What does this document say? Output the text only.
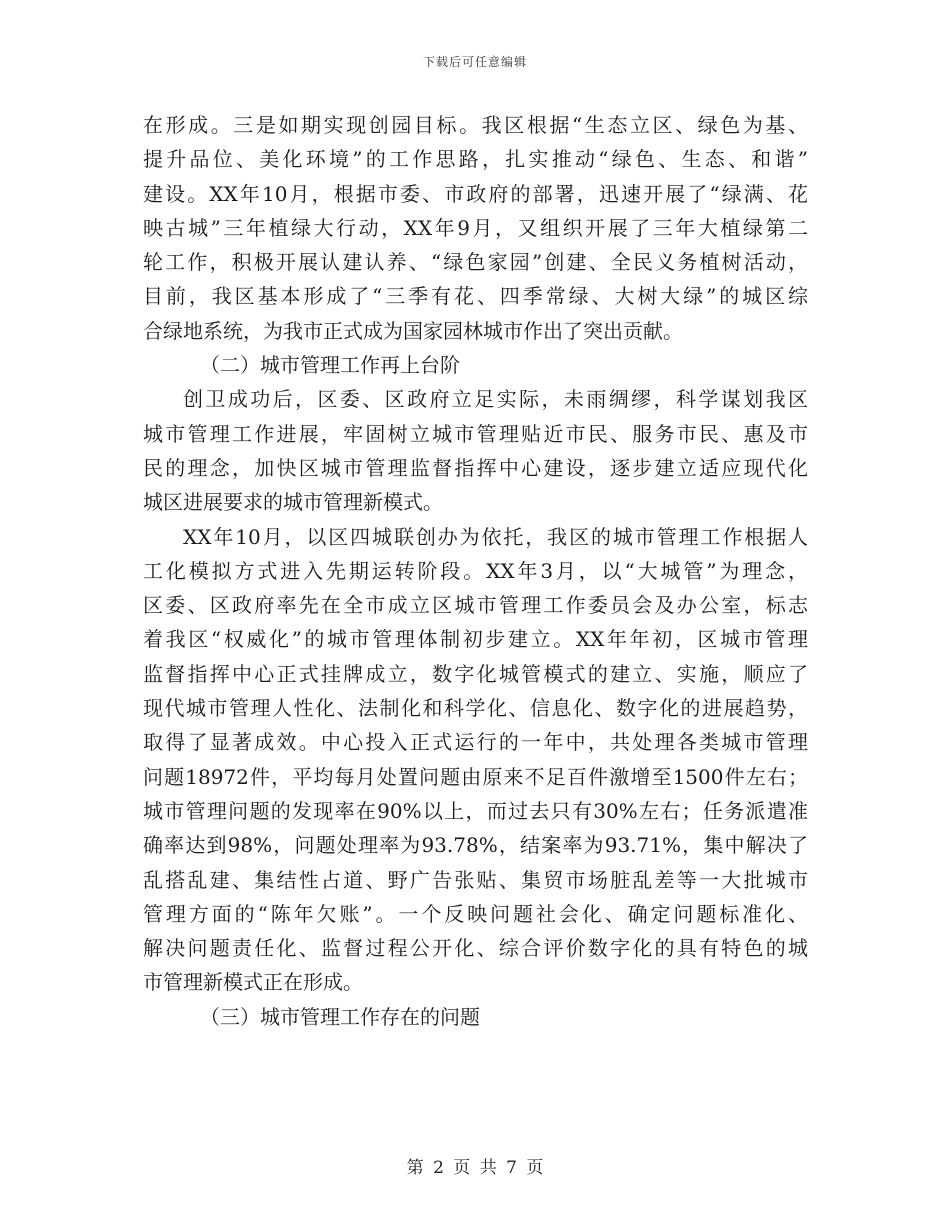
下载后可任意编辑
在形成。三是如期实现创园目标。我区根据“生态立区、绿色为基、
提升品位、美化环境”的工作思路，扎实推动“绿色、生态、和谐”
建设。XX年10月，根据市委、市政府的部署，迅速开展了“绿满、花
映古城”三年植绿大行动，XX年9月，又组织开展了三年大植绿第二
轮工作，积极开展认建认养、“绿色家园”创建、全民义务植树活动，
目前，我区基本形成了“三季有花、四季常绿、大树大绿”的城区综
合绿地系统，为我市正式成为国家园林城市作出了突出贡献。
（二）城市管理工作再上台阶
创卫成功后，区委、区政府立足实际，未雨绸缪，科学谋划我区
城市管理工作进展，牢固树立城市管理贴近市民、服务市民、惠及市
民的理念，加快区城市管理监督指挥中心建设，逐步建立适应现代化
城区进展要求的城市管理新模式。
XX年10月，以区四城联创办为依托，我区的城市管理工作根据人
工化模拟方式进入先期运转阶段。XX年3月，以“大城管”为理念，
区委、区政府率先在全市成立区城市管理工作委员会及办公室，标志
着我区“权威化”的城市管理体制初步建立。XX年年初，区城市管理
监督指挥中心正式挂牌成立，数字化城管模式的建立、实施，顺应了
现代城市管理人性化、法制化和科学化、信息化、数字化的进展趋势，
取得了显著成效。中心投入正式运行的一年中，共处理各类城市管理
问题18972件，平均每月处置问题由原来不足百件激增至1500件左右；
城市管理问题的发现率在90%以上，而过去只有30%左右；任务派遣准
确率达到98%，问题处理率为93.78%，结案率为93.71%，集中解决了
乱搭乱建、集结性占道、野广告张贴、集贸市场脏乱差等一大批城市
管理方面的“陈年欠账”。一个反映问题社会化、确定问题标准化、
解决问题责任化、监督过程公开化、综合评价数字化的具有特色的城
市管理新模式正在形成。
（三）城市管理工作存在的问题
第 2 页 共 7 页
